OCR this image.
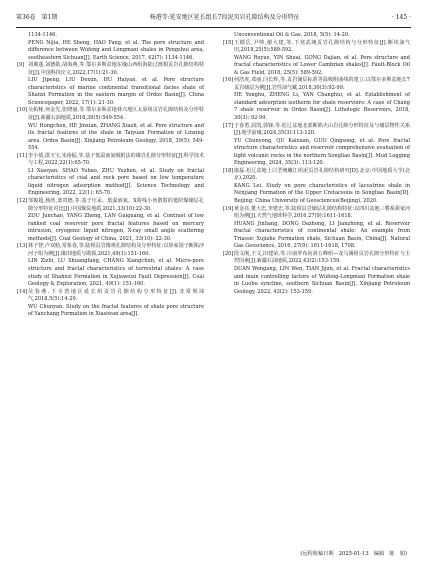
第36卷　第1期	杨港等:延安地区延长组长7段泥页岩孔隙结构及分形特征	· 145 ·
1134-1146.
PENG Nijia, HE Sheng, HAO Fang, et al. The pore structure and difference between Wufeng and Longmaxi shales in Pengshui area, southeastern Sichuan[J]. Earth Science, 2017, 42(7): 1134-1146.
[9] 刘翼蓬,刘德勋,胡海燕,等.鄂尔多斯盆地东缘山西组海陆过渡相页岩孔隙结构特征[J].中国科技论文,2022,17(1):21-30.
LIU Jipeng, LIU Dexun, HU Haiyan, et al. Pore structure characteristics of marine continental transitional facies shale of Shanxi Formation in the eastern margin of Ordos Basin[J]. China Sciencepaper, 2022, 17(1): 21-30.
[10] 吴拓稼,何金先,张晓丽,等.鄂尔多斯盆地林兴地区太原组页岩孔隙结构及分形特征[J].新疆石油地质,2018,39(5):549-554.
WU Hongchen, HE Jinxian, ZHANG Xiaoli, et al. Pore structure and its fractal features of the shale in Taiyuan Formation of Linxing area, Ordos Basin[J]. Xinjiang Petroleum Geology, 2018, 39(5): 549-554.
[11] 李小倩,邵玉宝,朱裕振,等.基于低温液氮吸附法的煤岩孔隙分形特征[J].科学技术与工程,2022,22(1):65-70.
LI Xiaoyan, SHAO Yubao, ZHU Yuzhen, et al. Study on fractal characteristics of coal and rock pore based on low temperature liquid nitrogen adsorption method[J]. Science Technology and Engineering, 2022, 22(1): 65-70.
[12] 邹俊超,杨欣,蓝贵德,等.基于压汞、低温液氮、X射线小角散射的低阶煤储层孔隙分形特征对比[J].中国煤炭地质,2021,33(10):22-30.
ZOU Junchao, YANG Zheng, LAN Guiguang, et al. Contrast of low ranked coal reservoir pore fractal features based on mercury intrusion, cryogenic liquid nitrogen, X-ray small angle scattering methods[J]. Coal Geology of China, 2021, 33(10): 22-30.
[13] 林子智,卢双舫,常象春,等.陆相页岩微观孔隙结构及分形特征:以徐家围子断陷沙河子组为例[J].煤田地质与勘探,2021,49(1):151-160.
LIN Zizhi, LU Shuangfang, CHANG Xiangchun, et al. Micro-pore structure and fractal characteristics of terrestrial shales: A case study of Shahezi Formation in Xujiaweizi Fault Depression[J]. Coal Geology & Exploration, 2021, 49(1): 151-160.
[14] 吴春燕.下寺湾地区延长组页岩孔隙结构分形特征[J].非常规油气,2018,5(5):14-20.
WU Chunyan. Study on the fractal features of shale pore structure of Yanchang Formation in Xiasiwan area[J].
Unconventional Oil & Gas, 2018, 5(5): 14-20.
[15] 王循岳,尹帅,谢大建,等.下寒武统页岩孔隙结构与分形特征[J].断块油气田,2018,25(5):589-592.
WANG Ruyue, YIN Shuai, GONG Dajian, et al. Pore structure and fractal characteristics of Lower Cambrian shales[J]. Fault-Block Oil & Gas Field, 2018, 25(5): 589-592.
[16] 何浩虎,邓丽,闫长辉,等.页岩储层标准等温吸附曲线的建立:以鄂尔多斯盆地长7页岩储层为例[J].岩性油气藏,2018,30(3):92-99.
HE Yonghu, ZHENG Li, YAN Changhui, et al. Establishment of standard adsorption isotherm for shale reservoirs: A case of Chang 7 shale reservoir in Ordos Basin[J]. Lithologic Reservoirs, 2018, 30(3): 92-99.
[17] 于春勇,屈凯,郭锋,等.松辽盆地北部断陷火山岩孔隙分形特征及与储层物性关系[J].地学前缘,2024,35(3):113-120.
YU Chunyong, QU Kaixuan, GUO Qingsong, et al. Pore fractal structure characteristics and reservoir comprehensive evaluation of tight volcanic rocks in the northern Songliao Basin[J]. Mud Logging Engineering, 2024, 35(3): 113-120.
[18] 康磊.松辽盆地上白垩统嫩江组泥页岩孔隙结构研究[D].北京:中国地质大学(北京),2020.
KANG Lei. Study on pore characteristics of lacustrine shale in Nenjiang Formation of the Upper Cretaceous in Songliao Basin[D]. Beijing: China University of Geosciences(Beijing), 2020.
[19] 黄金亮,董大忠,李建忠,等.陆相页岩储层孔隙结构特征:以四川盆地三叠系须家河组为例[J].天然气地球科学,2016,27(9):1611-1618.
HUANG Jinliang, DONG Dazhong, LI Jianzhong, et al. Reservoir fractal characteristics of continental shale: An example from Triassic Xujiahe Formation shale, Sichuan Basin, China[J]. Natural Gas Geoscience, 2016, 27(9): 1611-1618, 1708.
[20] 段文刚,王文,田建荣,等.川南罗布向斜五峰组—龙马溪组页岩孔隙分形特征与主控因素[J].新疆石油地质,2022,43(2):153-159.
DUAN Wengang, LIN Wen, TIAN Jijun, et al. Fractal characteristics and main controlling factors of Wufeng-Longmaxi Formation shale in Luobu syncline, southern Sichuan Basin[J]. Xinjiang Petroleum Geology, 2022, 43(2): 153-159.
(远程收稿日期　2025-01-13　编辑　陈　娟)
